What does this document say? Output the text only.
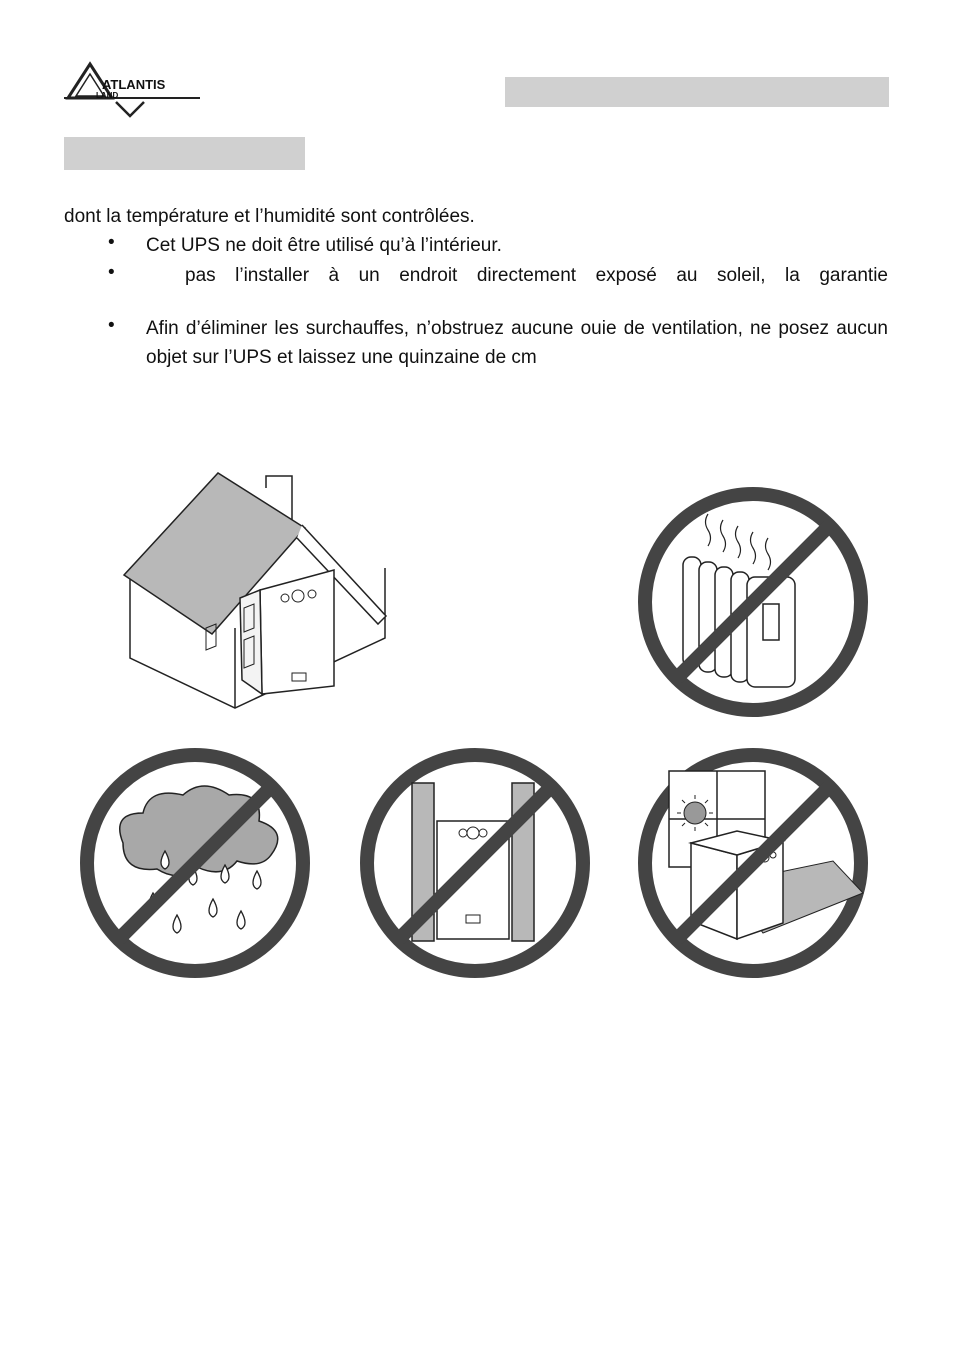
ATLANTIS
LAND
dont la température et l’humidité sont contrôlées.
•	Cet UPS ne doit être utilisé qu’à l’intérieur.
•	pas l’installer à un endroit directement exposé au soleil, la garantie
•	Afin d’éliminer les surchauffes, n’obstruez aucune ouie de ventilation, ne posez aucun objet sur l’UPS et laissez une quinzaine de cm
